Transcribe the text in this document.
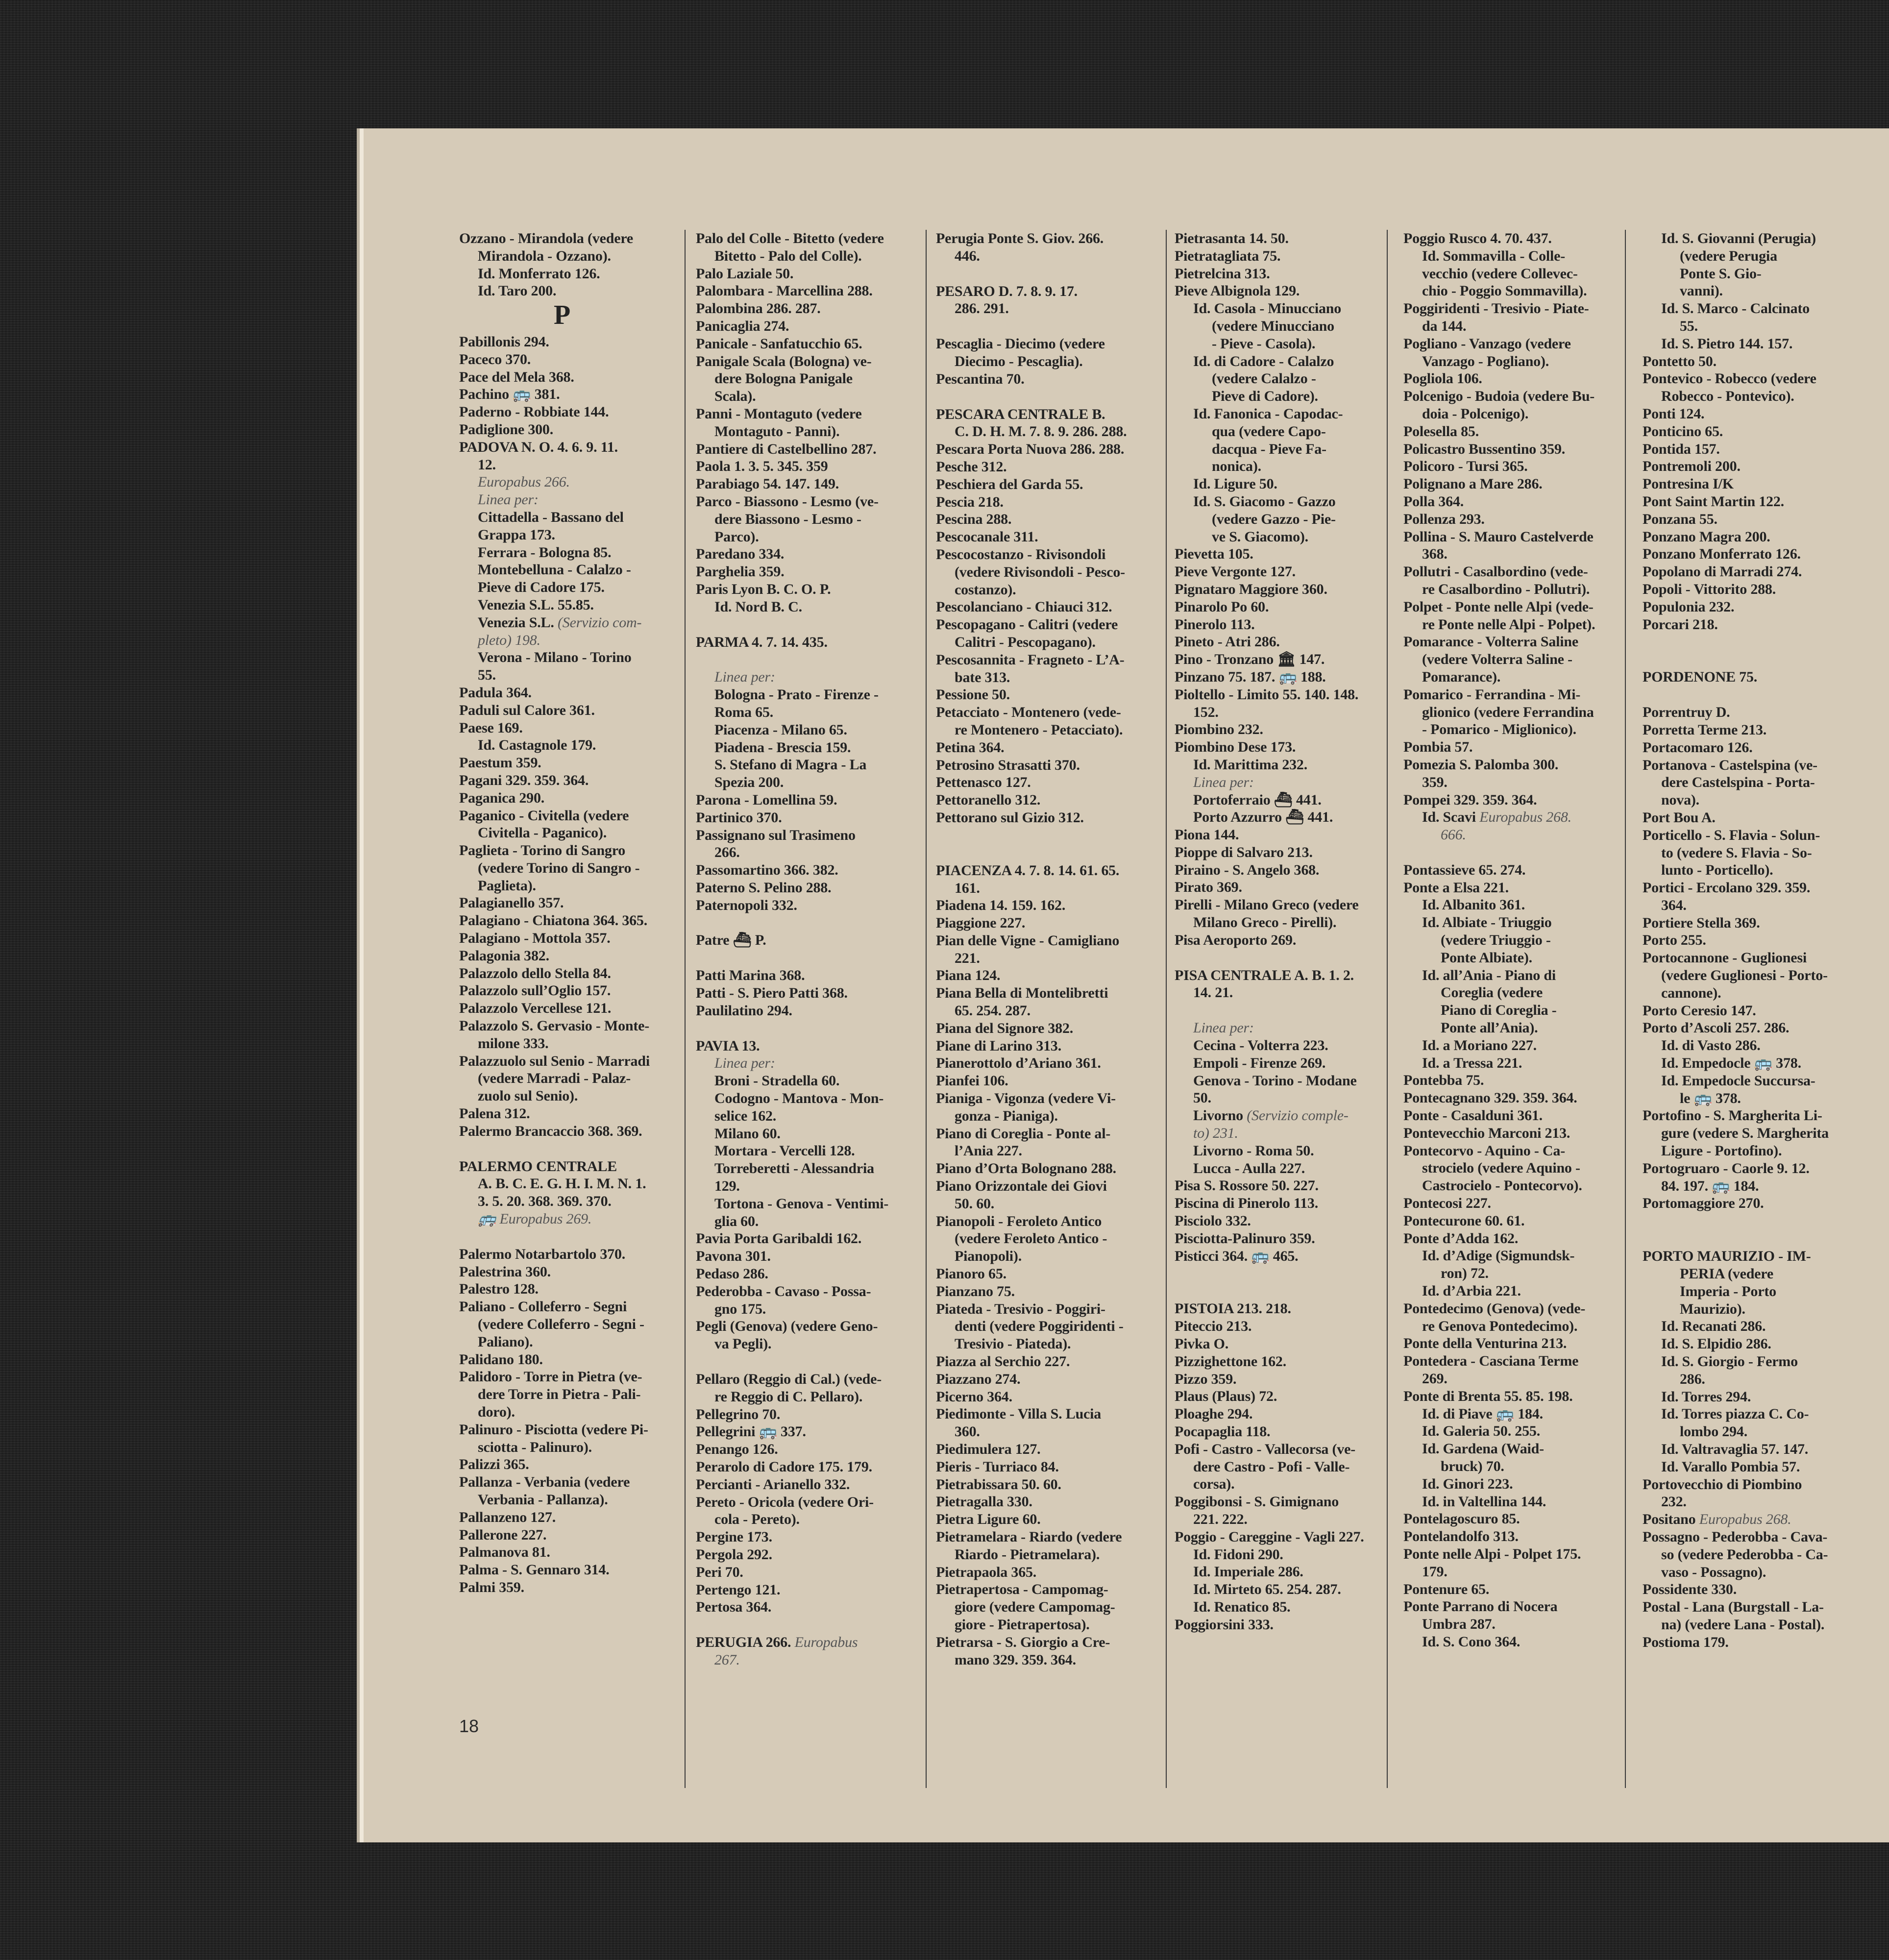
Ozzano - Mirandola (vedere
Mirandola - Ozzano).
Id. Monferrato 126.
Id. Taro 200.
P
Pabillonis 294.
Paceco 370.
Pace del Mela 368.
Pachino 🚌 381.
Paderno - Robbiate 144.
Padiglione 300.
PADOVA N. O. 4. 6. 9. 11.
12.
Europabus 266.
Linea per:
Cittadella - Bassano del
Grappa 173.
Ferrara - Bologna 85.
Montebelluna - Calalzo -
Pieve di Cadore 175.
Venezia S.L. 55.85.
Venezia S.L. (Servizio com-
pleto) 198.
Verona - Milano - Torino
55.
Padula 364.
Paduli sul Calore 361.
Paese 169.
Id. Castagnole 179.
Paestum 359.
Pagani 329. 359. 364.
Paganica 290.
Paganico - Civitella (vedere
Civitella - Paganico).
Paglieta - Torino di Sangro
(vedere Torino di Sangro -
Paglieta).
Palagianello 357.
Palagiano - Chiatona 364. 365.
Palagiano - Mottola 357.
Palagonia 382.
Palazzolo dello Stella 84.
Palazzolo sull’Oglio 157.
Palazzolo Vercellese 121.
Palazzolo S. Gervasio - Monte-
milone 333.
Palazzuolo sul Senio - Marradi
(vedere Marradi - Palaz-
zuolo sul Senio).
Palena 312.
Palermo Brancaccio 368. 369.
PALERMO CENTRALE
A. B. C. E. G. H. I. M. N. 1.
3. 5. 20. 368. 369. 370.
🚌 Europabus 269.
Palermo Notarbartolo 370.
Palestrina 360.
Palestro 128.
Paliano - Colleferro - Segni
(vedere Colleferro - Segni -
Paliano).
Palidano 180.
Palidoro - Torre in Pietra (ve-
dere Torre in Pietra - Pali-
doro).
Palinuro - Pisciotta (vedere Pi-
sciotta - Palinuro).
Palizzi 365.
Pallanza - Verbania (vedere
Verbania - Pallanza).
Pallanzeno 127.
Pallerone 227.
Palmanova 81.
Palma - S. Gennaro 314.
Palmi 359.
Palo del Colle - Bitetto (vedere
Bitetto - Palo del Colle).
Palo Laziale 50.
Palombara - Marcellina 288.
Palombina 286. 287.
Panicaglia 274.
Panicale - Sanfatucchio 65.
Panigale Scala (Bologna) ve-
dere Bologna Panigale
Scala).
Panni - Montaguto (vedere
Montaguto - Panni).
Pantiere di Castelbellino 287.
Paola 1. 3. 5. 345. 359
Parabiago 54. 147. 149.
Parco - Biassono - Lesmo (ve-
dere Biassono - Lesmo -
Parco).
Paredano 334.
Parghelia 359.
Paris Lyon B. C. O. P.
Id. Nord B. C.
PARMA 4. 7. 14. 435.
Linea per:
Bologna - Prato - Firenze -
Roma 65.
Piacenza - Milano 65.
Piadena - Brescia 159.
S. Stefano di Magra - La
Spezia 200.
Parona - Lomellina 59.
Partinico 370.
Passignano sul Trasimeno
266.
Passomartino 366. 382.
Paterno S. Pelino 288.
Paternopoli 332.
Patre ⛴ P.
Patti Marina 368.
Patti - S. Piero Patti 368.
Paulilatino 294.
PAVIA 13.
Linea per:
Broni - Stradella 60.
Codogno - Mantova - Mon-
selice 162.
Milano 60.
Mortara - Vercelli 128.
Torreberetti - Alessandria
129.
Tortona - Genova - Ventimi-
glia 60.
Pavia Porta Garibaldi 162.
Pavona 301.
Pedaso 286.
Pederobba - Cavaso - Possa-
gno 175.
Pegli (Genova) (vedere Geno-
va Pegli).
Pellaro (Reggio di Cal.) (vede-
re Reggio di C. Pellaro).
Pellegrino 70.
Pellegrini 🚌 337.
Penango 126.
Perarolo di Cadore 175. 179.
Percianti - Arianello 332.
Pereto - Oricola (vedere Ori-
cola - Pereto).
Pergine 173.
Pergola 292.
Peri 70.
Pertengo 121.
Pertosa 364.
PERUGIA 266. Europabus
267.
Perugia Ponte S. Giov. 266.
446.
PESARO D. 7. 8. 9. 17.
286. 291.
Pescaglia - Diecimo (vedere
Diecimo - Pescaglia).
Pescantina 70.
PESCARA CENTRALE B.
C. D. H. M. 7. 8. 9. 286. 288.
Pescara Porta Nuova 286. 288.
Pesche 312.
Peschiera del Garda 55.
Pescia 218.
Pescina 288.
Pescocanale 311.
Pescocostanzo - Rivisondoli
(vedere Rivisondoli - Pesco-
costanzo).
Pescolanciano - Chiauci 312.
Pescopagano - Calitri (vedere
Calitri - Pescopagano).
Pescosannita - Fragneto - L’A-
bate 313.
Pessione 50.
Petacciato - Montenero (vede-
re Montenero - Petacciato).
Petina 364.
Petrosino Strasatti 370.
Pettenasco 127.
Pettoranello 312.
Pettorano sul Gizio 312.
PIACENZA 4. 7. 8. 14. 61. 65.
161.
Piadena 14. 159. 162.
Piaggione 227.
Pian delle Vigne - Camigliano
221.
Piana 124.
Piana Bella di Montelibretti
65. 254. 287.
Piana del Signore 382.
Piane di Larino 313.
Pianerottolo d’Ariano 361.
Pianfei 106.
Pianiga - Vigonza (vedere Vi-
gonza - Pianiga).
Piano di Coreglia - Ponte al-
l’Ania 227.
Piano d’Orta Bolognano 288.
Piano Orizzontale dei Giovi
50. 60.
Pianopoli - Feroleto Antico
(vedere Feroleto Antico -
Pianopoli).
Pianoro 65.
Pianzano 75.
Piateda - Tresivio - Poggiri-
denti (vedere Poggiridenti -
Tresivio - Piateda).
Piazza al Serchio 227.
Piazzano 274.
Picerno 364.
Piedimonte - Villa S. Lucia
360.
Piedimulera 127.
Pieris - Turriaco 84.
Pietrabissara 50. 60.
Pietragalla 330.
Pietra Ligure 60.
Pietramelara - Riardo (vedere
Riardo - Pietramelara).
Pietrapaola 365.
Pietrapertosa - Campomag-
giore (vedere Campomag-
giore - Pietrapertosa).
Pietrarsa - S. Giorgio a Cre-
mano 329. 359. 364.
Pietrasanta 14. 50.
Pietratagliata 75.
Pietrelcina 313.
Pieve Albignola 129.
Id. Casola - Minucciano
(vedere Minucciano
- Pieve - Casola).
Id. di Cadore - Calalzo
(vedere Calalzo -
Pieve di Cadore).
Id. Fanonica - Capodac-
qua (vedere Capo-
dacqua - Pieve Fa-
nonica).
Id. Ligure 50.
Id. S. Giacomo - Gazzo
(vedere Gazzo - Pie-
ve S. Giacomo).
Pievetta 105.
Pieve Vergonte 127.
Pignataro Maggiore 360.
Pinarolo Po 60.
Pinerolo 113.
Pineto - Atri 286.
Pino - Tronzano 🏛 147.
Pinzano 75. 187. 🚌 188.
Pioltello - Limito 55. 140. 148.
152.
Piombino 232.
Piombino Dese 173.
Id. Marittima 232.
Linea per:
Portoferraio ⛴ 441.
Porto Azzurro ⛴ 441.
Piona 144.
Pioppe di Salvaro 213.
Piraino - S. Angelo 368.
Pirato 369.
Pirelli - Milano Greco (vedere
Milano Greco - Pirelli).
Pisa Aeroporto 269.
PISA CENTRALE A. B. 1. 2.
14. 21.
Linea per:
Cecina - Volterra 223.
Empoli - Firenze 269.
Genova - Torino - Modane
50.
Livorno (Servizio comple-
to) 231.
Livorno - Roma 50.
Lucca - Aulla 227.
Pisa S. Rossore 50. 227.
Piscina di Pinerolo 113.
Pisciolo 332.
Pisciotta-Palinuro 359.
Pisticci 364. 🚌 465.
PISTOIA 213. 218.
Piteccio 213.
Pivka O.
Pizzighettone 162.
Pizzo 359.
Plaus (Plaus) 72.
Ploaghe 294.
Pocapaglia 118.
Pofi - Castro - Vallecorsa (ve-
dere Castro - Pofi - Valle-
corsa).
Poggibonsi - S. Gimignano
221. 222.
Poggio - Careggine - Vagli 227.
Id. Fidoni 290.
Id. Imperiale 286.
Id. Mirteto 65. 254. 287.
Id. Renatico 85.
Poggiorsini 333.
Poggio Rusco 4. 70. 437.
Id. Sommavilla - Colle-
vecchio (vedere Collevec-
chio - Poggio Sommavilla).
Poggiridenti - Tresivio - Piate-
da 144.
Pogliano - Vanzago (vedere
Vanzago - Pogliano).
Pogliola 106.
Polcenigo - Budoia (vedere Bu-
doia - Polcenigo).
Polesella 85.
Policastro Bussentino 359.
Policoro - Tursi 365.
Polignano a Mare 286.
Polla 364.
Pollenza 293.
Pollina - S. Mauro Castelverde
368.
Pollutri - Casalbordino (vede-
re Casalbordino - Pollutri).
Polpet - Ponte nelle Alpi (vede-
re Ponte nelle Alpi - Polpet).
Pomarance - Volterra Saline
(vedere Volterra Saline -
Pomarance).
Pomarico - Ferrandina - Mi-
glionico (vedere Ferrandina
- Pomarico - Miglionico).
Pombia 57.
Pomezia S. Palomba 300.
359.
Pompei 329. 359. 364.
Id. Scavi Europabus 268.
666.
Pontassieve 65. 274.
Ponte a Elsa 221.
Id. Albanito 361.
Id. Albiate - Triuggio
(vedere Triuggio -
Ponte Albiate).
Id. all’Ania - Piano di
Coreglia (vedere
Piano di Coreglia -
Ponte all’Ania).
Id. a Moriano 227.
Id. a Tressa 221.
Pontebba 75.
Pontecagnano 329. 359. 364.
Ponte - Casalduni 361.
Pontevecchio Marconi 213.
Pontecorvo - Aquino - Ca-
strocielo (vedere Aquino -
Castrocielo - Pontecorvo).
Pontecosi 227.
Pontecurone 60. 61.
Ponte d’Adda 162.
Id. d’Adige (Sigmundsk-
ron) 72.
Id. d’Arbia 221.
Pontedecimo (Genova) (vede-
re Genova Pontedecimo).
Ponte della Venturina 213.
Pontedera - Casciana Terme
269.
Ponte di Brenta 55. 85. 198.
Id. di Piave 🚌 184.
Id. Galeria 50. 255.
Id. Gardena (Waid-
bruck) 70.
Id. Ginori 223.
Id. in Valtellina 144.
Pontelagoscuro 85.
Pontelandolfo 313.
Ponte nelle Alpi - Polpet 175.
179.
Pontenure 65.
Ponte Parrano di Nocera
Umbra 287.
Id. S. Cono 364.
Id. S. Giovanni (Perugia)
(vedere Perugia
Ponte S. Gio-
vanni).
Id. S. Marco - Calcinato
55.
Id. S. Pietro 144. 157.
Pontetto 50.
Pontevico - Robecco (vedere
Robecco - Pontevico).
Ponti 124.
Ponticino 65.
Pontida 157.
Pontremoli 200.
Pontresina I/K
Pont Saint Martin 122.
Ponzana 55.
Ponzano Magra 200.
Ponzano Monferrato 126.
Popolano di Marradi 274.
Popoli - Vittorito 288.
Populonia 232.
Porcari 218.
PORDENONE 75.
Porrentruy D.
Porretta Terme 213.
Portacomaro 126.
Portanova - Castelspina (ve-
dere Castelspina - Porta-
nova).
Port Bou A.
Porticello - S. Flavia - Solun-
to (vedere S. Flavia - So-
lunto - Porticello).
Portici - Ercolano 329. 359.
364.
Portiere Stella 369.
Porto 255.
Portocannone - Guglionesi
(vedere Guglionesi - Porto-
cannone).
Porto Ceresio 147.
Porto d’Ascoli 257. 286.
Id. di Vasto 286.
Id. Empedocle 🚌 378.
Id. Empedocle Succursa-
le 🚌 378.
Portofino - S. Margherita Li-
gure (vedere S. Margherita
Ligure - Portofino).
Portogruaro - Caorle 9. 12.
84. 197. 🚌 184.
Portomaggiore 270.
PORTO MAURIZIO - IM-
PERIA (vedere
Imperia - Porto
Maurizio).
Id. Recanati 286.
Id. S. Elpidio 286.
Id. S. Giorgio - Fermo
286.
Id. Torres 294.
Id. Torres piazza C. Co-
lombo 294.
Id. Valtravaglia 57. 147.
Id. Varallo Pombia 57.
Portovecchio di Piombino
232.
Positano Europabus 268.
Possagno - Pederobba - Cava-
so (vedere Pederobba - Ca-
vaso - Possagno).
Possidente 330.
Postal - Lana (Burgstall - La-
na) (vedere Lana - Postal).
Postioma 179.
18
